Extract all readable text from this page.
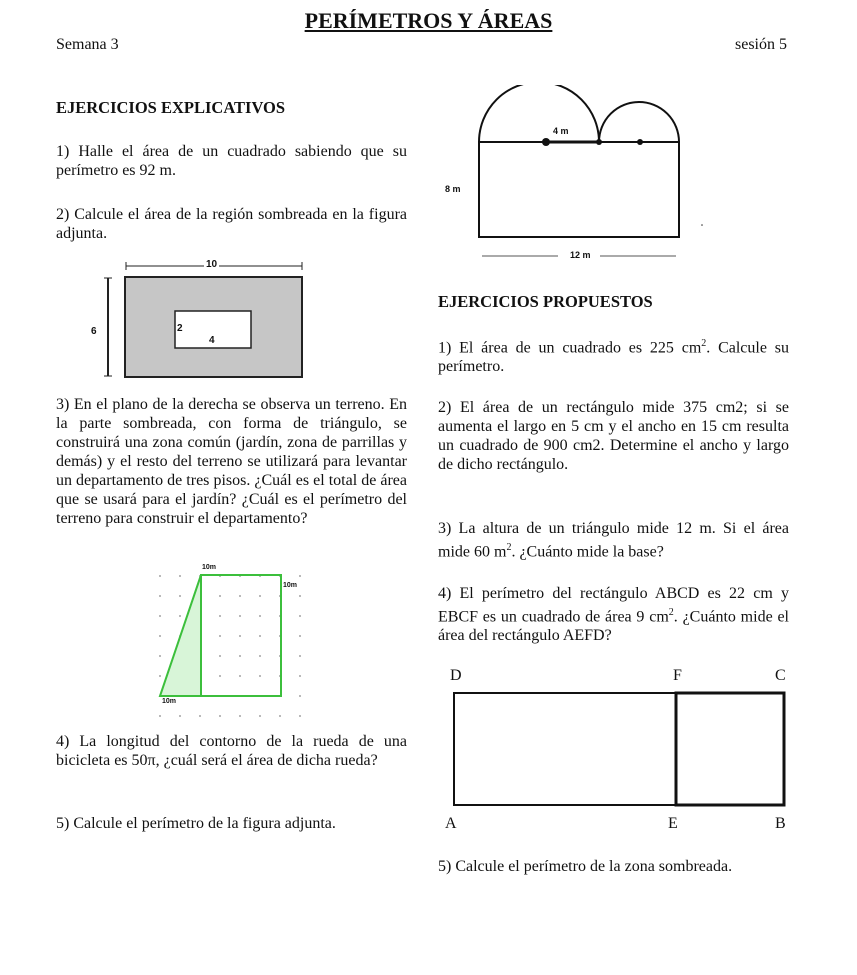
PERÍMETROS Y ÁREAS
Semana 3	sesión 5
EJERCICIOS EXPLICATIVOS
1) Halle el área de un cuadrado sabiendo que su perímetro es 92 m.
2) Calcule el área de la región sombreada en la figura adjunta.
10
6	2
4
3) En el plano de la derecha se observa un terreno. En la parte sombreada, con forma de triángulo, se construirá una zona común (jardín, zona de parrillas y demás) y el resto del terreno se utilizará para levantar un departamento de tres pisos. ¿Cuál es el total de área que se usará para el jardín? ¿Cuál es el perímetro del terreno para construir el departamento?
10m
10m
10m
4) La longitud del contorno de la rueda de una bicicleta es 50π, ¿cuál será el área de dicha rueda?
5) Calcule el perímetro de la figura adjunta.
4 m
8 m
12 m
EJERCICIOS PROPUESTOS
1) El área de un cuadrado es 225 $cm^2$. Calcule su perímetro.
2) El área de un rectángulo mide 375 cm2; si se aumenta el largo en 5 cm y el ancho en 15 cm resulta un cuadrado de 900 cm2. Determine el ancho y largo de dicho rectángulo.
3) La altura de un triángulo mide 12 m. Si el área mide 60 $m^2$. ¿Cuánto mide la base?
4) El perímetro del rectángulo ABCD es 22 cm y EBCF es un cuadrado de área 9 $cm^2$. ¿Cuánto mide el área del rectángulo AEFD?
D	F	C
A	E	B
5) Calcule el perímetro de la zona sombreada.
